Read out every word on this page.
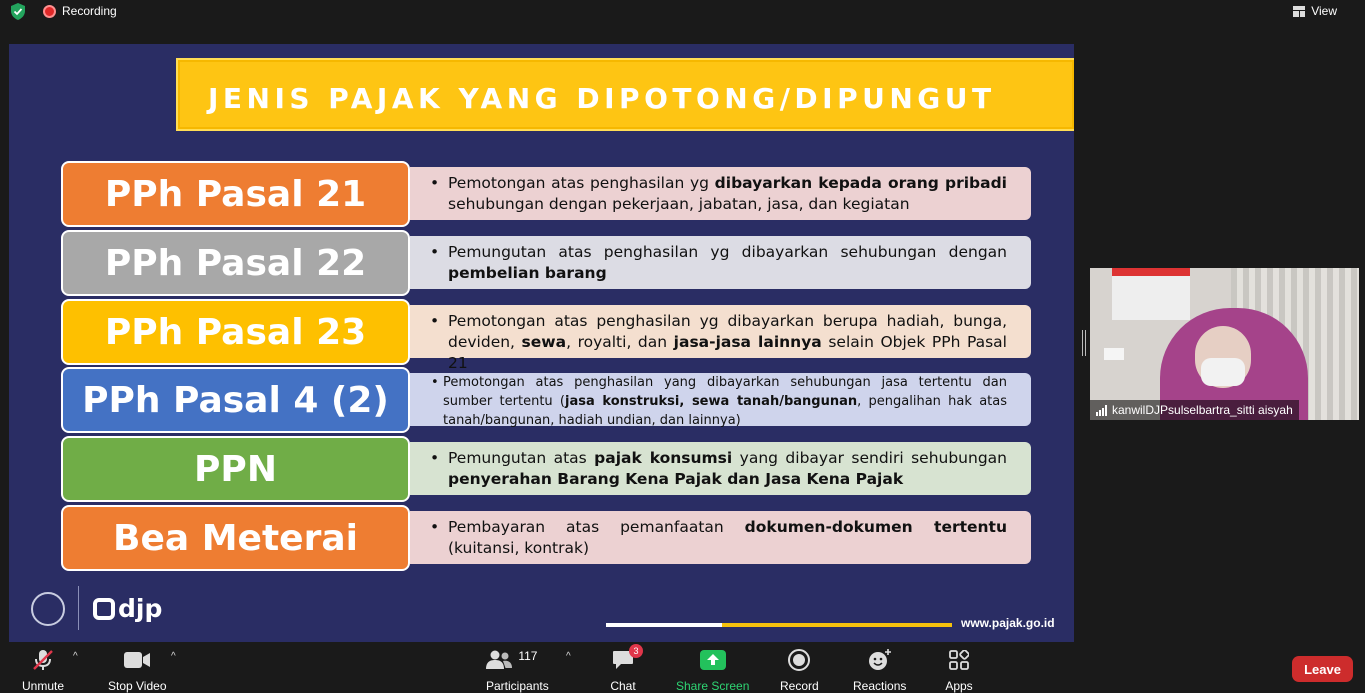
Recording	View
JENIS PAJAK YANG DIPOTONG/DIPUNGUT
PPh Pasal 21	• Pemotongan atas penghasilan yg dibayarkan kepada orang pribadi sehubungan dengan pekerjaan, jabatan, jasa, dan kegiatan
PPh Pasal 22	• Pemungutan atas penghasilan yg dibayarkan sehubungan dengan pembelian barang
PPh Pasal 23	• Pemotongan atas penghasilan yg dibayarkan berupa hadiah, bunga, deviden, sewa, royalti, dan jasa-jasa lainnya selain Objek PPh Pasal 21
PPh Pasal 4 (2)	• Pemotongan atas penghasilan yang dibayarkan sehubungan jasa tertentu dan sumber tertentu (jasa konstruksi, sewa tanah/bangunan, pengalihan hak atas tanah/bangunan, hadiah undian, dan lainnya)
PPN	• Pemungutan atas pajak konsumsi yang dibayar sendiri sehubungan penyerahan Barang Kena Pajak dan Jasa Kena Pajak
Bea Meterai	• Pembayaran atas pemanfaatan dokumen-dokumen tertentu (kuitansi, kontrak)
djp	www.pajak.go.id
kanwilDJPsulselbartra_sitti aisyah
Unmute
^
Stop Video
^	117
Participants
^	3
Chat	Share Screen	Record	Reactions	Apps
Leave
